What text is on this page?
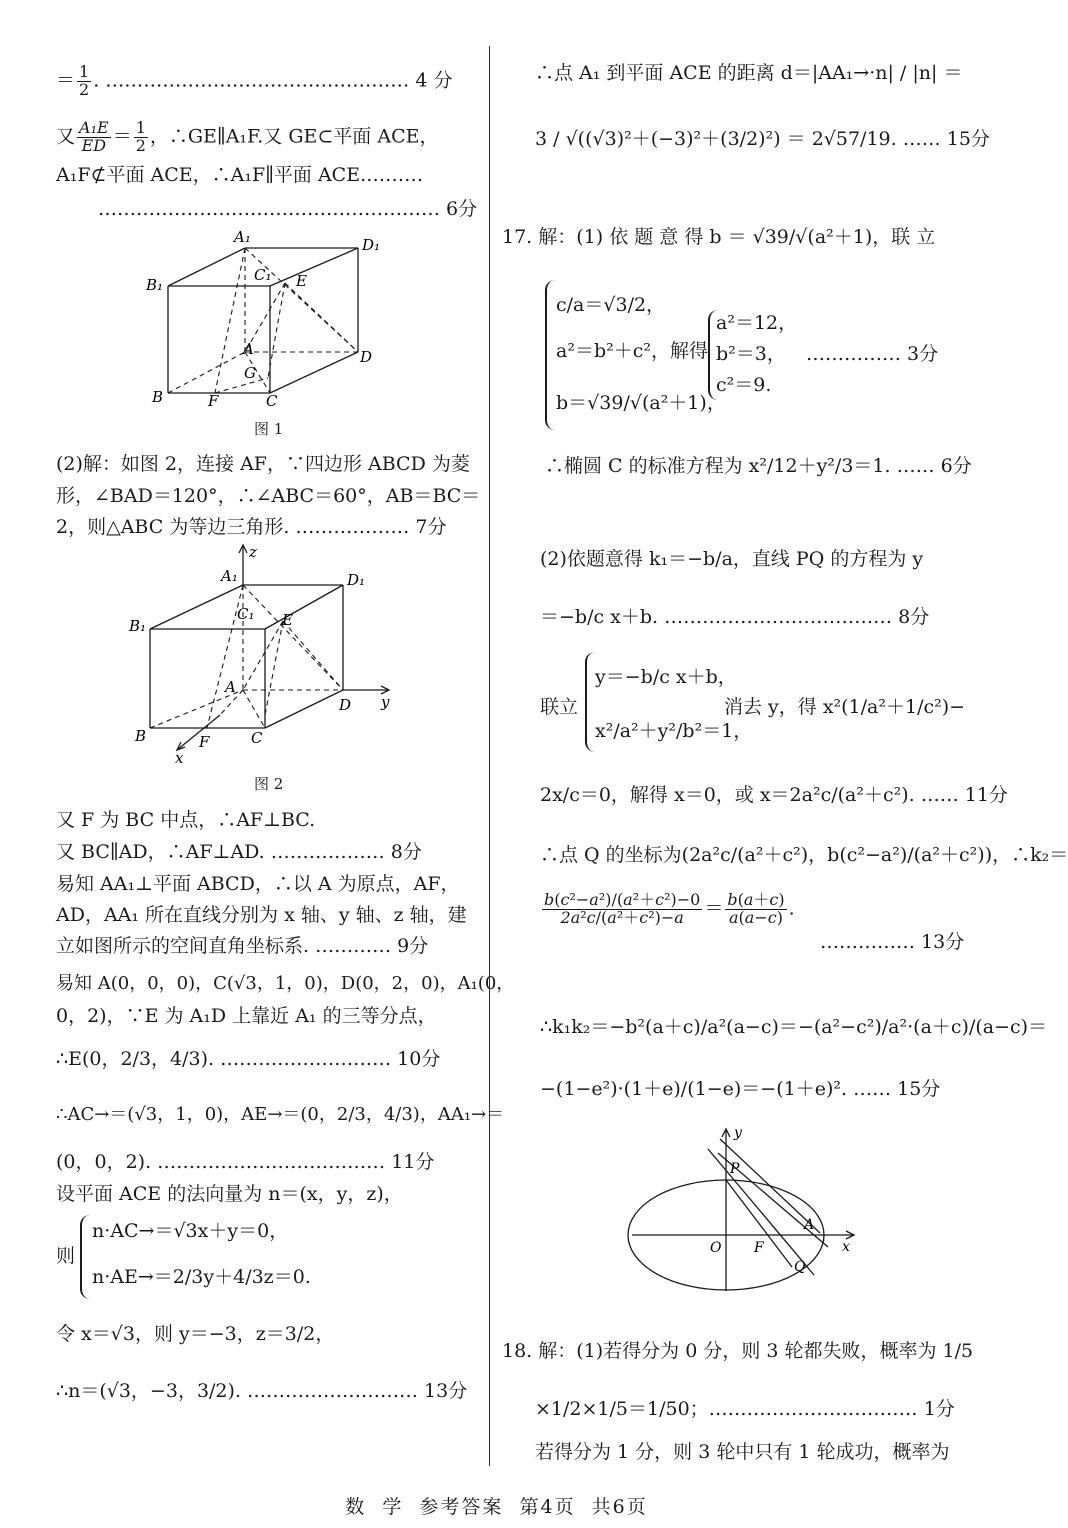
＝ $\frac{1}{2}$ . ………………………………………… 4 分
又 $\frac{\text{A₁E}}{ED} = \frac{1}{2}$ ，∴GE∥A₁F.又 GE⊂平面 ACE，
A₁F⊄平面 ACE，∴A₁F∥平面 ACE.………
……………………………………………… 6分
A₁	D₁
B₁
C₁ E
A	D
G
B	F	C
图 1
(2)解：如图 2，连接 AF，∵四边形 ABCD 为菱
形，∠BAD＝120°，∴∠ABC＝60°，AB＝BC＝
2，则△ABC 为等边三角形. ……………… 7分
z
A₁	D₁
B₁
C₁ E
A
D y
B	F	C
x
图 2
又 F 为 BC 中点，∴AF⊥BC.
又 BC∥AD，∴AF⊥AD. ……………… 8分
易知 AA₁⊥平面 ABCD，∴以 A 为原点，AF，
AD，AA₁ 所在直线分别为 x 轴、y 轴、z 轴，建
立如图所示的空间直角坐标系. ………… 9分
易知 A(0，0，0)，C(√3，1，0)，D(0，2，0)，A₁(0，
0，2)，∵E 为 A₁D 上靠近 A₁ 的三等分点，
∴E(0，2/3，4/3). ……………………… 10分
∴AC→＝(√3，1，0)，AE→＝(0，2/3，4/3)，AA₁→＝
(0，0，2). ……………………………… 11分
设平面 ACE 的法向量为 n＝(x，y，z)，
则
n·AC→＝√3x＋y＝0，
n·AE→＝2/3y＋4/3z＝0.
令 x＝√3，则 y＝−3，z＝3/2，
∴n＝(√3，−3，3/2). ……………………… 13分
∴点 A₁ 到平面 ACE 的距离 d＝|AA₁→·n| / |n| ＝
3 / √((√3)²＋(−3)²＋(3/2)²) ＝ 2√57/19. …… 15分
17. 解：(1) 依 题 意 得 b ＝ √39/√(a²＋1)，联 立
c/a＝√3/2，
a²＝b²＋c²，解得
b＝√39/√(a²＋1)，
a²＝12，
b²＝3，
c²＝9.
…………… 3分
∴椭圆 C 的标准方程为 x²/12＋y²/3＝1. …… 6分
(2)依题意得 k₁＝−b/a，直线 PQ 的方程为 y
＝−b/c x＋b. ……………………………… 8分
联立
y＝−b/c x＋b，
x²/a²＋y²/b²＝1，
消去 y，得 x²(1/a²＋1/c²)−
2x/c＝0，解得 x＝0，或 x＝2a²c/(a²＋c²). …… 11分
∴点 Q 的坐标为(2a²c/(a²＋c²)，b(c²−a²)/(a²＋c²))，∴k₂＝
$\frac{\text{b(c²−a²)/(a²＋c²)−0}}{\text{2a²c/(a²＋c²)−a}} = \frac{b(a+c)}{a(a-c)}$ .
…………… 13分
∴k₁k₂＝−b²(a＋c)/a²(a−c)＝−(a²−c²)/a²·(a＋c)/(a−c)＝
−(1−e²)·(1＋e)/(1−e)＝−(1＋e)². …… 15分
y
P
A
O F
Q
x
18. 解：(1)若得分为 0 分，则 3 轮都失败，概率为 1/5
×1/2×1/5＝1/50；…………………………… 1分
若得分为 1 分，则 3 轮中只有 1 轮成功，概率为
数  学  参考答案  第4页  共6页
